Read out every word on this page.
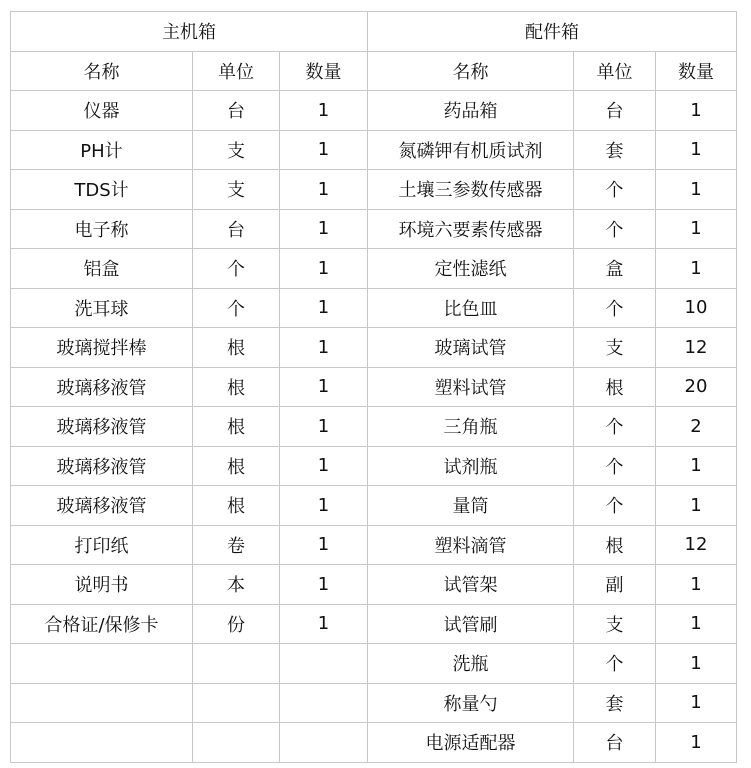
主机箱			配件箱		
名称	单位	数量	名称	单位	数量
仪器	台	1	药品箱	台	1
PH计	支	1	氮磷钾有机质试剂	套	1
TDS计	支	1	土壤三参数传感器	个	1
电子称	台	1	环境六要素传感器	个	1
铝盒	个	1	定性滤纸	盒	1
洗耳球	个	1	比色皿	个	10
玻璃搅拌棒	根	1	玻璃试管	支	12
玻璃移液管	根	1	塑料试管	根	20
玻璃移液管	根	1	三角瓶	个	2
玻璃移液管	根	1	试剂瓶	个	1
玻璃移液管	根	1	量筒	个	1
打印纸	卷	1	塑料滴管	根	12
说明书	本	1	试管架	副	1
合格证/保修卡	份	1	试管刷	支	1
			洗瓶	个	1
			称量勺	套	1
			电源适配器	台	1
